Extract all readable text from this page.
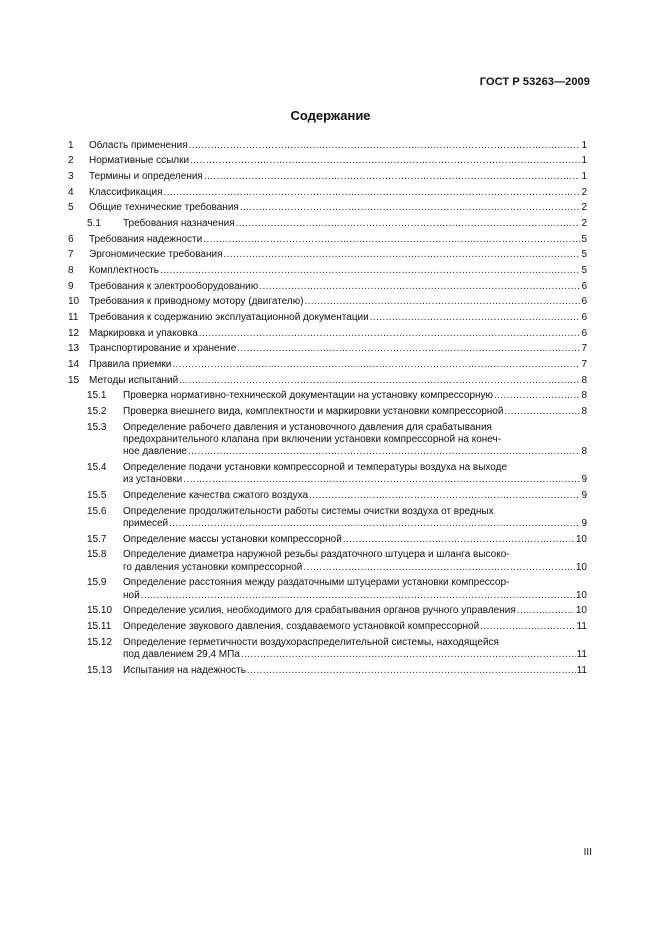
ГОСТ Р 53263—2009
Содержание
1 Область применения .....	1
2 Нормативные ссылки .....	1
3 Термины и определения .....	1
4 Классификация .....	2
5 Общие технические требования .....	2
5.1 Требования назначения .....	2
6 Требования надежности .....	5
7 Эргономические требования .....	5
8 Комплектность .....	5
9 Требования к электрооборудованию .....	6
10 Требования к приводному мотору (двигателю) .....	6
11 Требования к содержанию эксплуатационной документации .....	6
12 Маркировка и упаковка .....	6
13 Транспортирование и хранение .....	7
14 Правила приемки .....	7
15 Методы испытаний .....	8
15.1 Проверка нормативно-технической документации на установку компрессорную .....	8
15.2 Проверка внешнего вида, комплектности и маркировки установки компрессорной .....	8
15.3	Определение рабочего давления и установочного давления для срабатывания
предохранительного клапана при включении установки компрессорной на конеч-
ное давление .....	8
15.4	Определение подачи установки компрессорной и температуры воздуха на выходе
из установки .....	9
15.5 Определение качества сжатого воздуха .....	9
15.6	Определение продолжительности работы системы очистки воздуха от вредных
примесей .....	9
15.7 Определение массы установки компрессорной .....	10
15.8	Определение диаметра наружной резьбы раздаточного штуцера и шланга высоко-
го давления установки компрессорной .....	10
15.9	Определение расстояния между раздаточными штуцерами установки компрессор-
ной .....	10
15.10 Определение усилия, необходимого для срабатывания органов ручного управления .....	10
15.11 Определение звукового давления, создаваемого установкой компрессорной .....	11
15.12	Определение герметичности воздухораспределительной системы, находящейся
под давлением 29,4 МПа .....	11
15.13 Испытания на надежность .....	11
III
